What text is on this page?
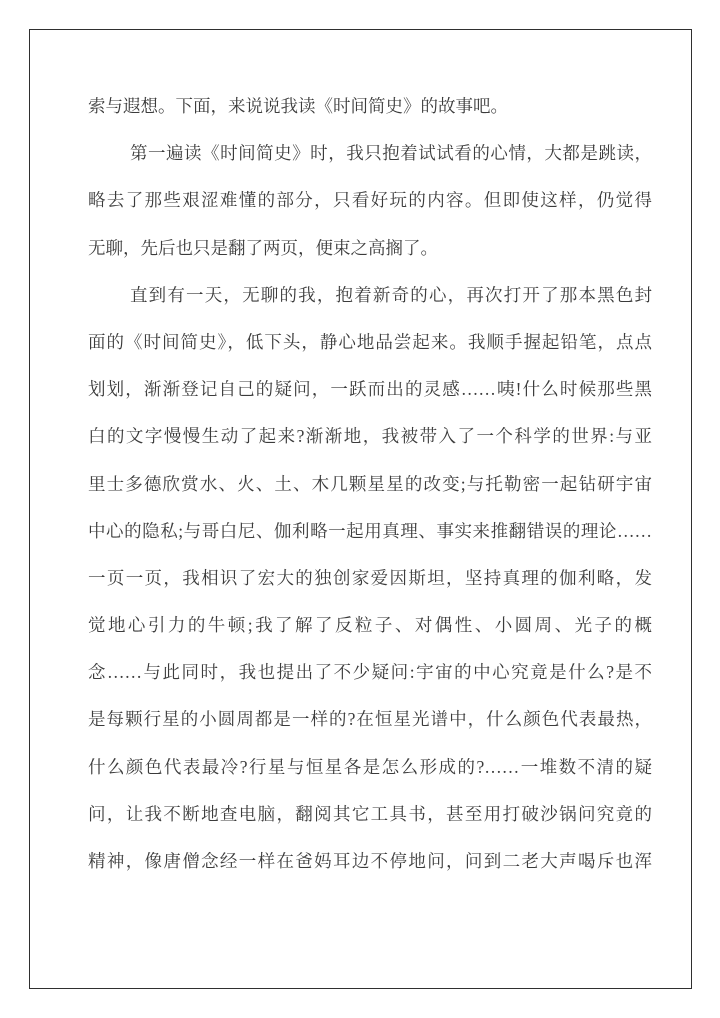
索与遐想。下面，来说说我读《时间简史》的故事吧。
第一遍读《时间简史》时，我只抱着试试看的心情，大都是跳读，
略去了那些艰涩难懂的部分，只看好玩的内容。但即使这样，仍觉得
无聊，先后也只是翻了两页，便束之高搁了。
直到有一天，无聊的我，抱着新奇的心，再次打开了那本黑色封
面的《时间简史》，低下头，静心地品尝起来。我顺手握起铅笔，点点
划划，渐渐登记自己的疑问，一跃而出的灵感……咦!什么时候那些黑
白的文字慢慢生动了起来?渐渐地，我被带入了一个科学的世界:与亚
里士多德欣赏水、火、土、木几颗星星的改变;与托勒密一起钻研宇宙
中心的隐私;与哥白尼、伽利略一起用真理、事实来推翻错误的理论……
一页一页，我相识了宏大的独创家爱因斯坦，坚持真理的伽利略，发
觉地心引力的牛顿;我了解了反粒子、对偶性、小圆周、光子的概
念……与此同时，我也提出了不少疑问:宇宙的中心究竟是什么?是不
是每颗行星的小圆周都是一样的?在恒星光谱中，什么颜色代表最热，
什么颜色代表最冷?行星与恒星各是怎么形成的?……一堆数不清的疑
问，让我不断地查电脑，翻阅其它工具书，甚至用打破沙锅问究竟的
精神，像唐僧念经一样在爸妈耳边不停地问，问到二老大声喝斥也浑
